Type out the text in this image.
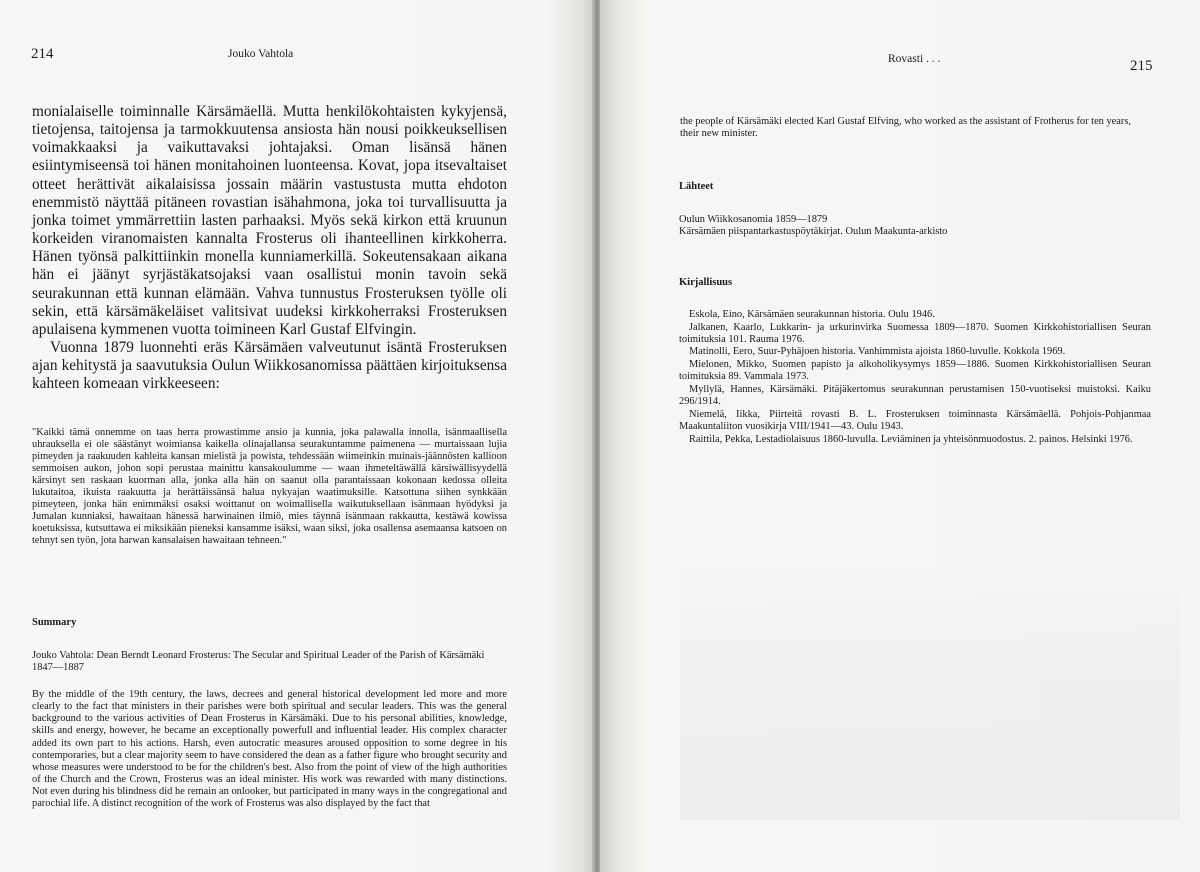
214	Jouko Vahtola

monialaiselle toiminnalle Kärsämäellä. Mutta henkilökohtaisten kykyjensä, tietojensa, taitojensa ja tarmokkuutensa ansiosta hän nousi poikkeuksellisen voimakkaaksi ja vaikuttavaksi johtajaksi. Oman lisänsä hänen esiintymiseensä toi hänen monitahoinen luonteensa. Kovat, jopa itsevaltaiset otteet herättivät aikalaisissa jossain määrin vastustusta mutta ehdoton enemmistö näyttää pitäneen rovastian isähahmona, joka toi turvallisuutta ja jonka toimet ymmärrettiin lasten parhaaksi. Myös sekä kirkon että kruunun korkeiden viranomaisten kannalta Frosterus oli ihanteellinen kirkkoherra. Hänen työnsä palkittiinkin monella kunniamerkillä. Sokeutensakaan aikana hän ei jäänyt syrjästäkatsojaksi vaan osallistui monin tavoin sekä seurakunnan että kunnan elämään. Vahva tunnustus Frosteruksen työlle oli sekin, että kärsämäkeläiset valitsivat uudeksi kirkkoherraksi Frosteruksen apulaisena kymmenen vuotta toimineen Karl Gustaf Elfvingin.

Vuonna 1879 luonnehti eräs Kärsämäen valveutunut isäntä Frosteruksen ajan kehitystä ja saavutuksia Oulun Wiikkosanomissa päättäen kirjoituksensa kahteen komeaan virkkeeseen:

"Kaikki tämä onnemme on taas herra prowastimme ansio ja kunnia, joka palawalla innolla, isänmaallisella uhrauksella ei ole säästänyt woimiansa kaikella olinajallansa seurakuntamme paimenena — murtaissaan lujia pimeyden ja raakuuden kahleita kansan mielistä ja powista, tehdessään wiimeinkin muinais-jäännösten kallioon semmoisen aukon, johon sopi perustaa mainittu kansakoulumme — waan ihmeteltäwällä kärsiwällisyydellä kärsinyt sen raskaan kuorman alla, jonka alla hän on saanut olla parantaissaan kokonaan kedossa olleita lukutaitoa, ikuista raakuutta ja herättäissänsä halua nykyajan waatimuksille. Katsottuna siihen synkkään pimeyteen, jonka hän enimmäksi osaksi woittanut on woimallisella waikutuksellaan isänmaan hyödyksi ja Jumalan kunniaksi, hawaitaan hänessä harwinainen ilmiö, mies täynnä isänmaan rakkautta, kestäwä kowissa koetuksissa, kutsuttawa ei miksikään pieneksi kansamme isäksi, waan siksi, joka osallensa asemaansa katsoen on tehnyt sen työn, jota harwan kansalaisen hawaitaan tehneen."

Summary
Jouko Vahtola: Dean Berndt Leonard Frosterus: The Secular and Spiritual Leader of the Parish of Kärsämäki 1847—1887
By the middle of the 19th century, the laws, decrees and general historical development led more and more clearly to the fact that ministers in their parishes were both spiritual and secular leaders. This was the general background to the various activities of Dean Frosterus in Kärsämäki. Due to his personal abilities, knowledge, skills and energy, however, he became an exceptionally powerfull and influential leader. His complex character added its own part to his actions. Harsh, even autocratic measures aroused opposition to some degree in his contemporaries, but a clear majority seem to have considered the dean as a father figure who brought security and whose measures were understood to be for the children's best. Also from the point of view of the high authorities of the Church and the Crown, Frosterus was an ideal minister. His work was rewarded with many distinctions. Not even during his blindness did he remain an onlooker, but participated in many ways in the congregational and parochial life. A distinct recognition of the work of Frosterus was also displayed by the fact that
Rovasti . . .	215
the people of Kärsämäki elected Karl Gustaf Elfving, who worked as the assistant of Frotherus for ten years, their new minister.
Lähteet

Oulun Wiikkosanomia 1859—1879

Kärsämäen piispantarkastuspöytäkirjat. Oulun Maakunta-arkisto

Kirjallisuus

Eskola, Eino, Kärsämäen seurakunnan historia. Oulu 1946.

Jalkanen, Kaarlo, Lukkarin- ja urkurinvirka Suomessa 1809—1870. Suomen Kirkkohistoriallisen Seuran toimituksia 101. Rauma 1976.

Matinolli, Eero, Suur-Pyhäjoen historia. Vanhimmista ajoista 1860-luvulle. Kokkola 1969.

Mielonen, Mikko, Suomen papisto ja alkoholikysymys 1859—1886. Suomen Kirkkohistoriallisen Seuran toimituksia 89. Vammala 1973.

Myllylä, Hannes, Kärsämäki. Pitäjäkertomus seurakunnan perustamisen 150-vuotiseksi muistoksi. Kaiku 296/1914.

Niemelä, Iikka, Piirteitä rovasti B. L. Frosteruksen toiminnasta Kärsämäellä. Pohjois-Pohjanmaa Maakuntaliiton vuosikirja VIII/1941—43. Oulu 1943.

Raittila, Pekka, Lestadiolaisuus 1860-luvulla. Leviäminen ja yhteisönmuodostus. 2. painos. Helsinki 1976.
